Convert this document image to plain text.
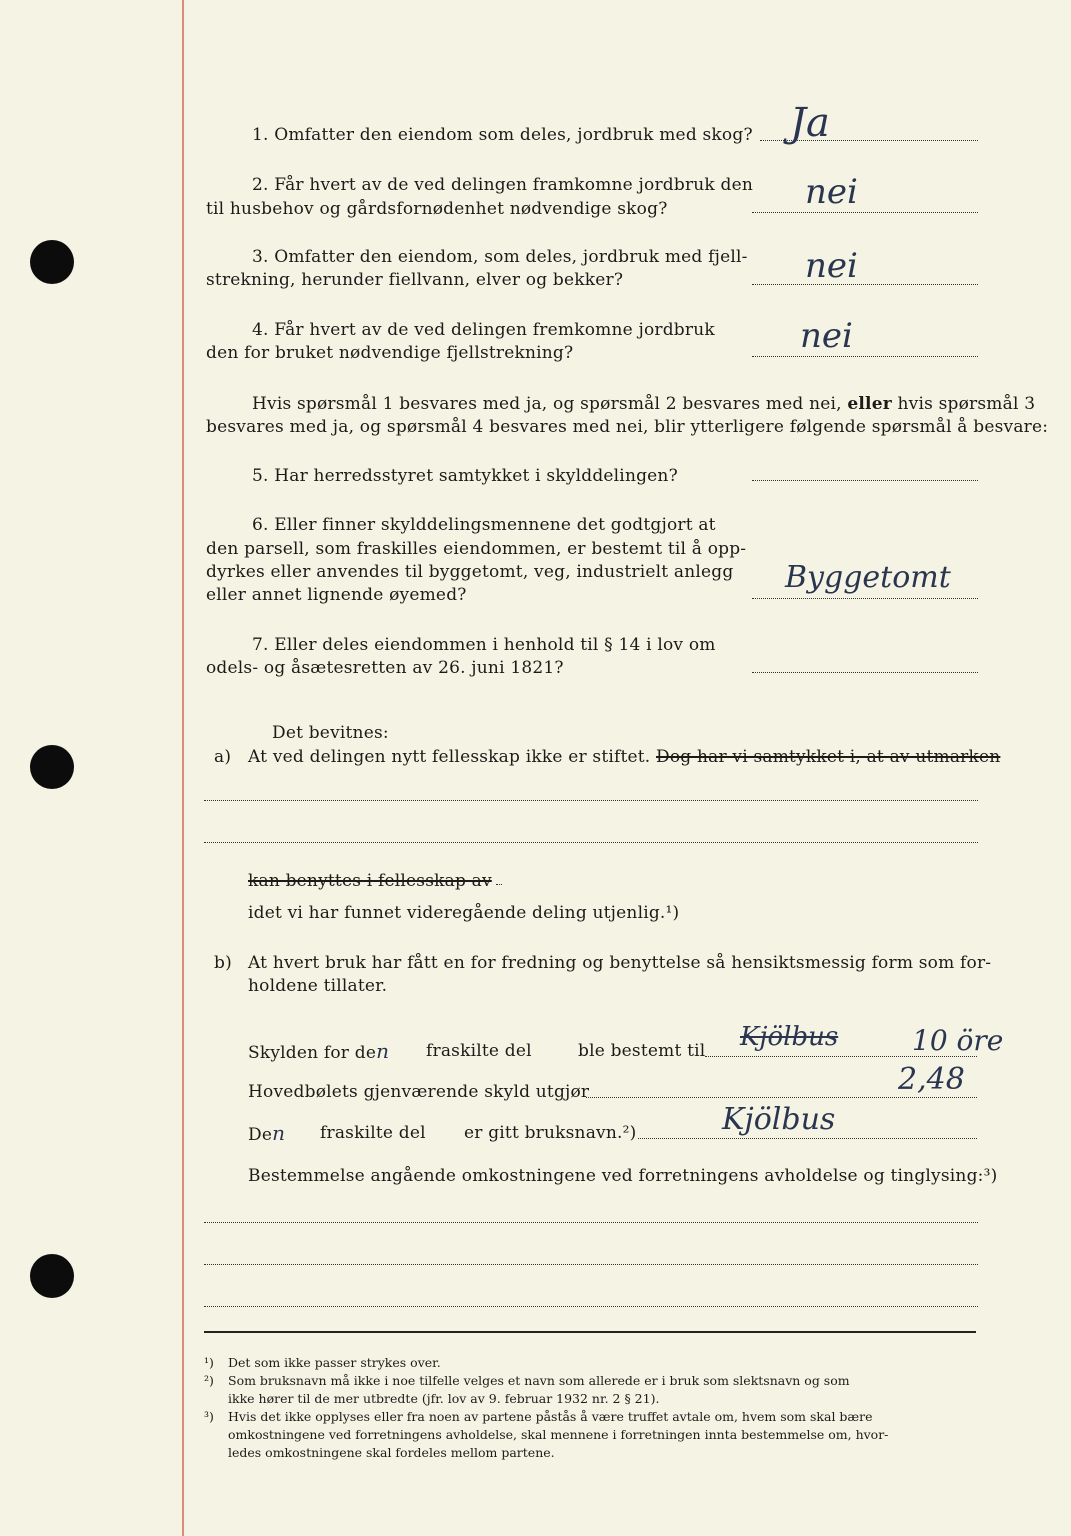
1. Omfatter den eiendom som deles, jordbruk med skog? Ja
2. Får hvert av de ved delingen framkomne jordbruk den
til husbehov og gårdsfornødenhet nødvendige skog?	nei
3. Omfatter den eiendom, som deles, jordbruk med fjell-
strekning, herunder fiellvann, elver og bekker?	nei
4. Får hvert av de ved delingen fremkomne jordbruk
den for bruket nødvendige fjellstrekning?	nei
Hvis spørsmål 1 besvares med ja, og spørsmål 2 besvares med nei, eller hvis spørsmål 3
besvares med ja, og spørsmål 4 besvares med nei, blir ytterligere følgende spørsmål å besvare:
5. Har herredsstyret samtykket i skylddelingen?
6. Eller finner skylddelingsmennene det godtgjort at
den parsell, som fraskilles eiendommen, er bestemt til å opp-
dyrkes eller anvendes til byggetomt, veg, industrielt anlegg
eller annet lignende øyemed?	Byggetomt
7. Eller deles eiendommen i henhold til § 14 i lov om
odels- og åsætesretten av 26. juni 1821?
Det bevitnes:
a) At ved delingen nytt fellesskap ikke er stiftet. Dog har vi samtykket i, at av utmarken
kan benyttes i fellesskap av
idet vi har funnet videregående deling utjenlig.¹)
b) At hvert bruk har fått en for fredning og benyttelse så hensiktsmessig form som for-
holdene tillater.
Skylden for den fraskilte del	ble bestemt til Kjölbus	10 öre
Hovedbølets gjenværende skyld utgjør	2,48
Den fraskilte del er gitt bruksnavn.²)	Kjölbus
Bestemmelse angående omkostningene ved forretningens avholdelse og tinglysing:³)
¹) Det som ikke passer strykes over.
²) Som bruksnavn må ikke i noe tilfelle velges et navn som allerede er i bruk som slektsnavn og som
ikke hører til de mer utbredte (jfr. lov av 9. februar 1932 nr. 2 § 21).
³) Hvis det ikke opplyses eller fra noen av partene påstås å være truffet avtale om, hvem som skal bære
omkostningene ved forretningens avholdelse, skal mennene i forretningen innta bestemmelse om, hvor-
ledes omkostningene skal fordeles mellom partene.
